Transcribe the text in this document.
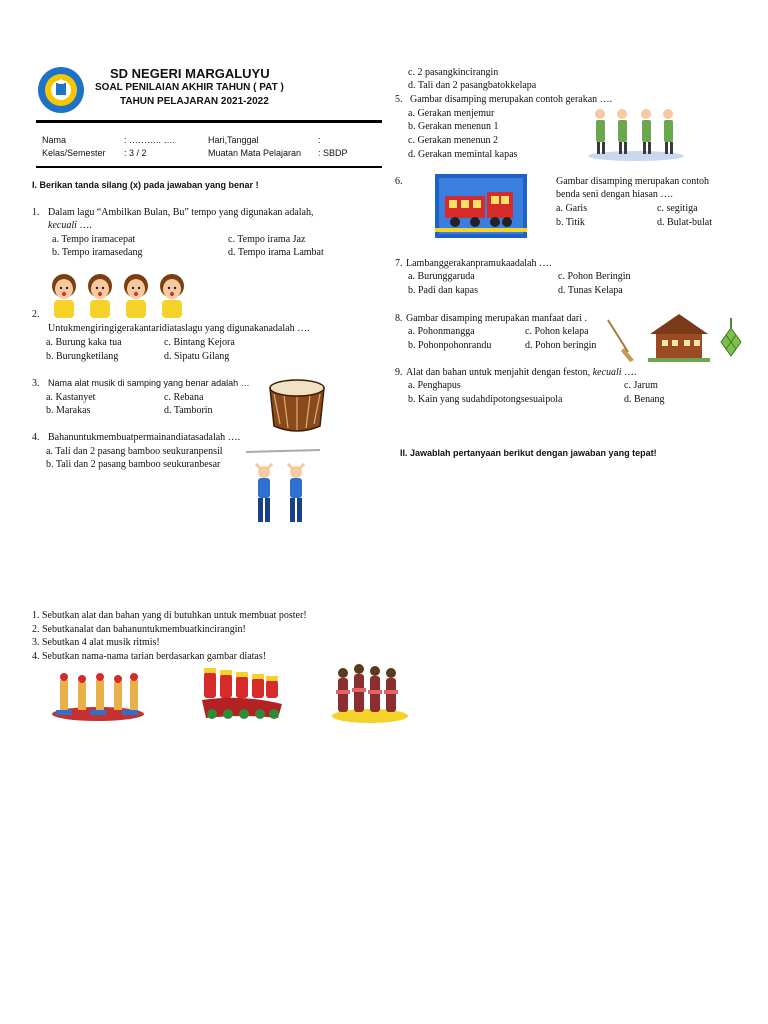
SD NEGERI MARGALUYU
SOAL PENILAIAN AKHIR TAHUN ( PAT )
TAHUN PELAJARAN 2021-2022
Nama	: ……….. ….	Hari,Tanggal	:
Kelas/Semester : 3 / 2	Muatan Mata Pelajaran : SBDP
I. Berikan tanda silang (x) pada jawaban yang benar !
1. Dalam lagu “Ambilkan Bulan, Bu” tempo yang digunakan adalah,
kecuali ….
a. Tempo iramacepat	c. Tempo irama Jaz
b. Tempo iramasedang	d. Tempo irama Lambat
2.
Untukmengiringigerakantaridiataslagu yang digunakanadalah ….
a. Burung kaka tua	c. Bintang Kejora
b. Burungketilang	d. Sipatu Gilang
3. Nama alat musik di samping yang benar adalah …
a. Kastanyet	c. Rebana
b. Marakas	d. Tamborin
4. Bahanuntukmembuatpermainandiatasadalah ….
a. Tali dan 2 pasang bamboo seukuranpensil
b. Tali dan 2 pasang bamboo seukuranbesar
c. 2 pasangkincirangin
d. Tali dan 2 pasangbatokkelapa
5. Gambar disamping merupakan contoh gerakan ….
a. Gerakan menjemur
b. Gerakan menenun 1
c. Gerakan menenun 2
d. Gerakan memintal kapas
6.	Gambar disamping merupakan contoh
benda seni dengan hiasan ….
a. Garis	c. segitiga
b. Titik	d. Bulat-bulat
7. Lambanggerakanpramukaadalah ….
a. Burunggaruda	c. Pohon Beringin
b. Padi dan kapas	d. Tunas Kelapa
8. Gambar disamping merupakan manfaat dari .
a. Pohonmangga	c. Pohon kelapa
b. Pohonpohonrandu	d. Pohon beringin
9. Alat dan bahan untuk menjahit dengan feston, kecuali ….
a. Penghapus	c. Jarum
b. Kain yang sudahdipotongsesuaipola	d. Benang
II. Jawablah pertanyaan berikut dengan jawaban yang tepat!
1. Sebutkan alat dan bahan yang di butuhkan untuk membuat poster!
2. Sebutkanalat dan bahanuntukmembuatkincirangin!
3. Sebutkan 4 alat musik ritmis!
4. Sebutkan nama-nama tarian berdasarkan gambar diatas!
